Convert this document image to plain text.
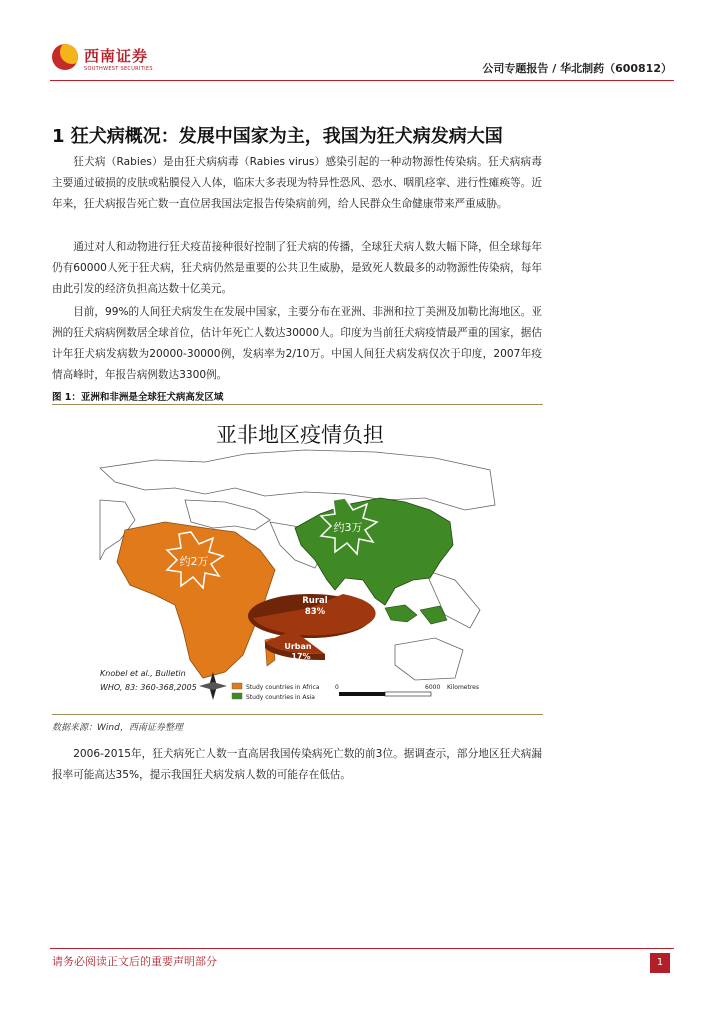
西南证券
SOUTHWEST SECURITIES	公司专题报告 / 华北制药（600812）
1 狂犬病概况：发展中国家为主，我国为狂犬病发病大国

狂犬病（Rabies）是由狂犬病病毒（Rabies virus）感染引起的一种动物源性传染病。狂犬病病毒主要通过破损的皮肤或粘膜侵入人体，临床大多表现为特异性恐风、恐水、咽肌痉挛、进行性瘫痪等。近年来，狂犬病报告死亡数一直位居我国法定报告传染病前列，给人民群众生命健康带来严重威胁。

通过对人和动物进行狂犬疫苗接种很好控制了狂犬病的传播，全球狂犬病人数大幅下降，但全球每年仍有60000人死于狂犬病，狂犬病仍然是重要的公共卫生威胁，是致死人数最多的动物源性传染病，每年由此引发的经济负担高达数十亿美元。

目前，99%的人间狂犬病发生在发展中国家，主要分布在亚洲、非洲和拉丁美洲及加勒比海地区。亚洲的狂犬病病例数居全球首位，估计年死亡人数达30000人。印度为当前狂犬病疫情最严重的国家，据估计年狂犬病发病数为20000-30000例，发病率为2/10万。中国人间狂犬病发病仅次于印度，2007年疫情高峰时，年报告病例数达3300例。

图 1：亚洲和非洲是全球狂犬病高发区域
亚非地区疫情负担
约2万
约3万
Rural
83%
Urban
17%
Knobel et al., Bulletin
WHO, 83: 360-368,2005	Study countries in Africa
Study countries in Asia
0	6000 Kilometres
数据来源：Wind，西南证券整理

2006-2015年，狂犬病死亡人数一直高居我国传染病死亡数的前3位。据调查示，部分地区狂犬病漏报率可能高达35%，提示我国狂犬病发病人数的可能存在低估。

请务必阅读正文后的重要声明部分	1
